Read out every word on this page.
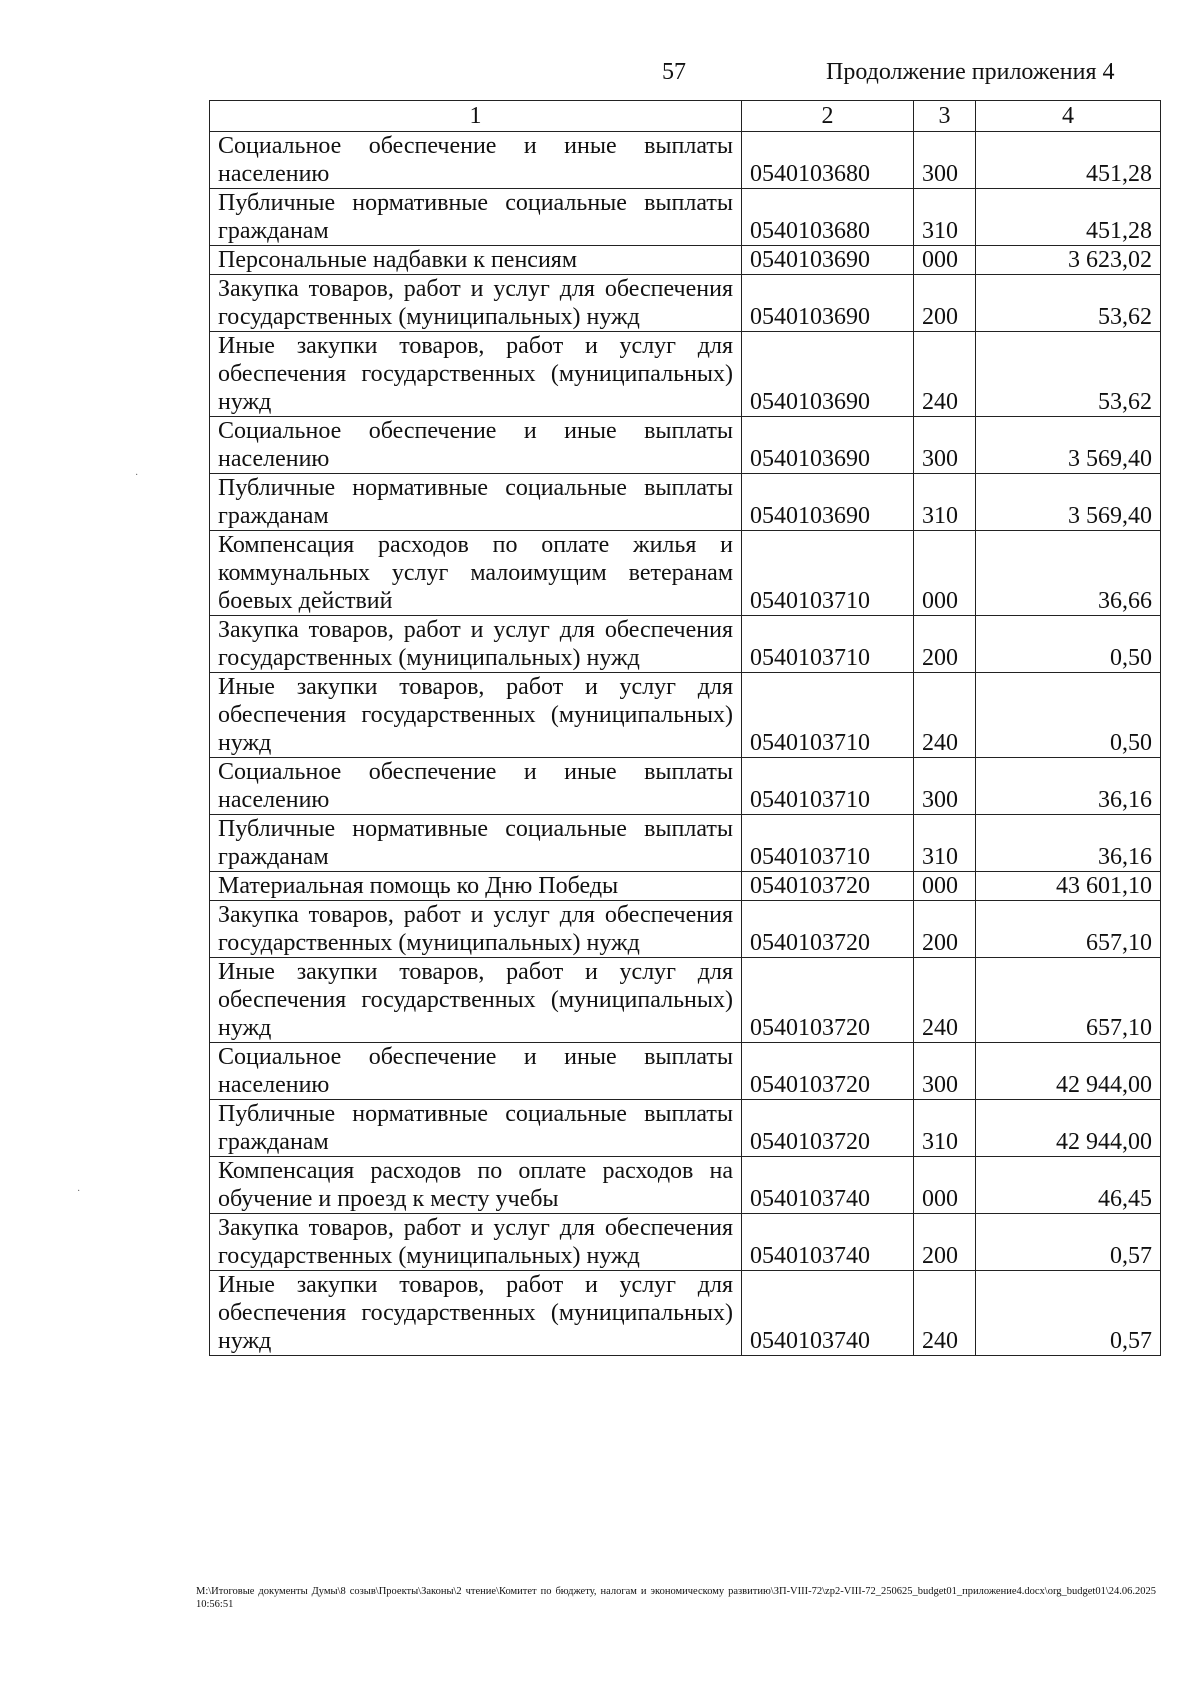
57	Продолжение приложения 4
1	2	3	4
Социальное обеспечение и иные выплаты населению	0540103680	300	451,28
Публичные нормативные социальные выплаты гражданам	0540103680	310	451,28
Персональные надбавки к пенсиям	0540103690	000	3 623,02
Закупка товаров, работ и услуг для обеспечения государственных (муниципальных) нужд	0540103690	200	53,62
Иные закупки товаров, работ и услуг для обеспечения государственных (муниципальных) нужд	0540103690	240	53,62
Социальное обеспечение и иные выплаты населению	0540103690	300	3 569,40
Публичные нормативные социальные выплаты гражданам	0540103690	310	3 569,40
Компенсация расходов по оплате жилья и коммунальных услуг малоимущим ветеранам боевых действий	0540103710	000	36,66
Закупка товаров, работ и услуг для обеспечения государственных (муниципальных) нужд	0540103710	200	0,50
Иные закупки товаров, работ и услуг для обеспечения государственных (муниципальных) нужд	0540103710	240	0,50
Социальное обеспечение и иные выплаты населению	0540103710	300	36,16
Публичные нормативные социальные выплаты гражданам	0540103710	310	36,16
Материальная помощь ко Дню Победы	0540103720	000	43 601,10
Закупка товаров, работ и услуг для обеспечения государственных (муниципальных) нужд	0540103720	200	657,10
Иные закупки товаров, работ и услуг для обеспечения государственных (муниципальных) нужд	0540103720	240	657,10
Социальное обеспечение и иные выплаты населению	0540103720	300	42 944,00
Публичные нормативные социальные выплаты гражданам	0540103720	310	42 944,00
Компенсация расходов по оплате расходов на обучение и проезд к месту учебы	0540103740	000	46,45
Закупка товаров, работ и услуг для обеспечения государственных (муниципальных) нужд	0540103740	200	0,57
Иные закупки товаров, работ и услуг для обеспечения государственных (муниципальных) нужд	0540103740	240	0,57
·
·
M:\Итоговые документы Думы\8 созыв\Проекты\Законы\2 чтение\Комитет по бюджету, налогам и экономическому развитию\ЗП-VIII-72\zp2-VIII-72_250625_budget01_приложение4.docx\org_budget01\24.06.2025 10:56:51
